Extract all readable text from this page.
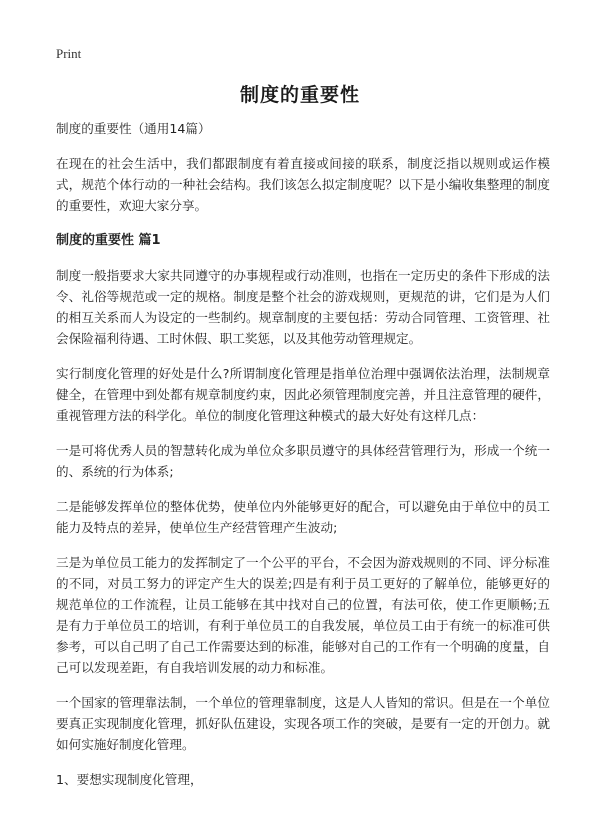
Print
制度的重要性

制度的重要性（通用14篇）

在现在的社会生活中，我们都跟制度有着直接或间接的联系，制度泛指以规则或运作模式，规范个体行动的一种社会结构。我们该怎么拟定制度呢？以下是小编收集整理的制度的重要性，欢迎大家分享。

制度的重要性 篇1

制度一般指要求大家共同遵守的办事规程或行动准则，也指在一定历史的条件下形成的法令、礼俗等规范或一定的规格。制度是整个社会的游戏规则，更规范的讲，它们是为人们的相互关系而人为设定的一些制约。规章制度的主要包括：劳动合同管理、工资管理、社会保险福利待遇、工时休假、职工奖惩，以及其他劳动管理规定。

实行制度化管理的好处是什么?所谓制度化管理是指单位治理中强调依法治理，法制规章健全，在管理中到处都有规章制度约束，因此必须管理制度完善，并且注意管理的硬件，重视管理方法的科学化。单位的制度化管理这种模式的最大好处有这样几点：

一是可将优秀人员的智慧转化成为单位众多职员遵守的具体经营管理行为，形成一个统一的、系统的行为体系;

二是能够发挥单位的整体优势，使单位内外能够更好的配合，可以避免由于单位中的员工能力及特点的差异，使单位生产经营管理产生波动;

三是为单位员工能力的发挥制定了一个公平的平台，不会因为游戏规则的不同、评分标准的不同，对员工努力的评定产生大的误差;四是有利于员工更好的了解单位，能够更好的规范单位的工作流程，让员工能够在其中找对自己的位置，有法可依，使工作更顺畅;五是有力于单位员工的培训，有利于单位员工的自我发展，单位员工由于有统一的标准可供参考，可以自己明了自己工作需要达到的标准，能够对自己的工作有一个明确的度量，自己可以发现差距，有自我培训发展的动力和标准。

一个国家的管理靠法制，一个单位的管理靠制度，这是人人皆知的常识。但是在一个单位要真正实现制度化管理，抓好队伍建设，实现各项工作的突破，是要有一定的开创力。就如何实施好制度化管理。

1、要想实现制度化管理，
